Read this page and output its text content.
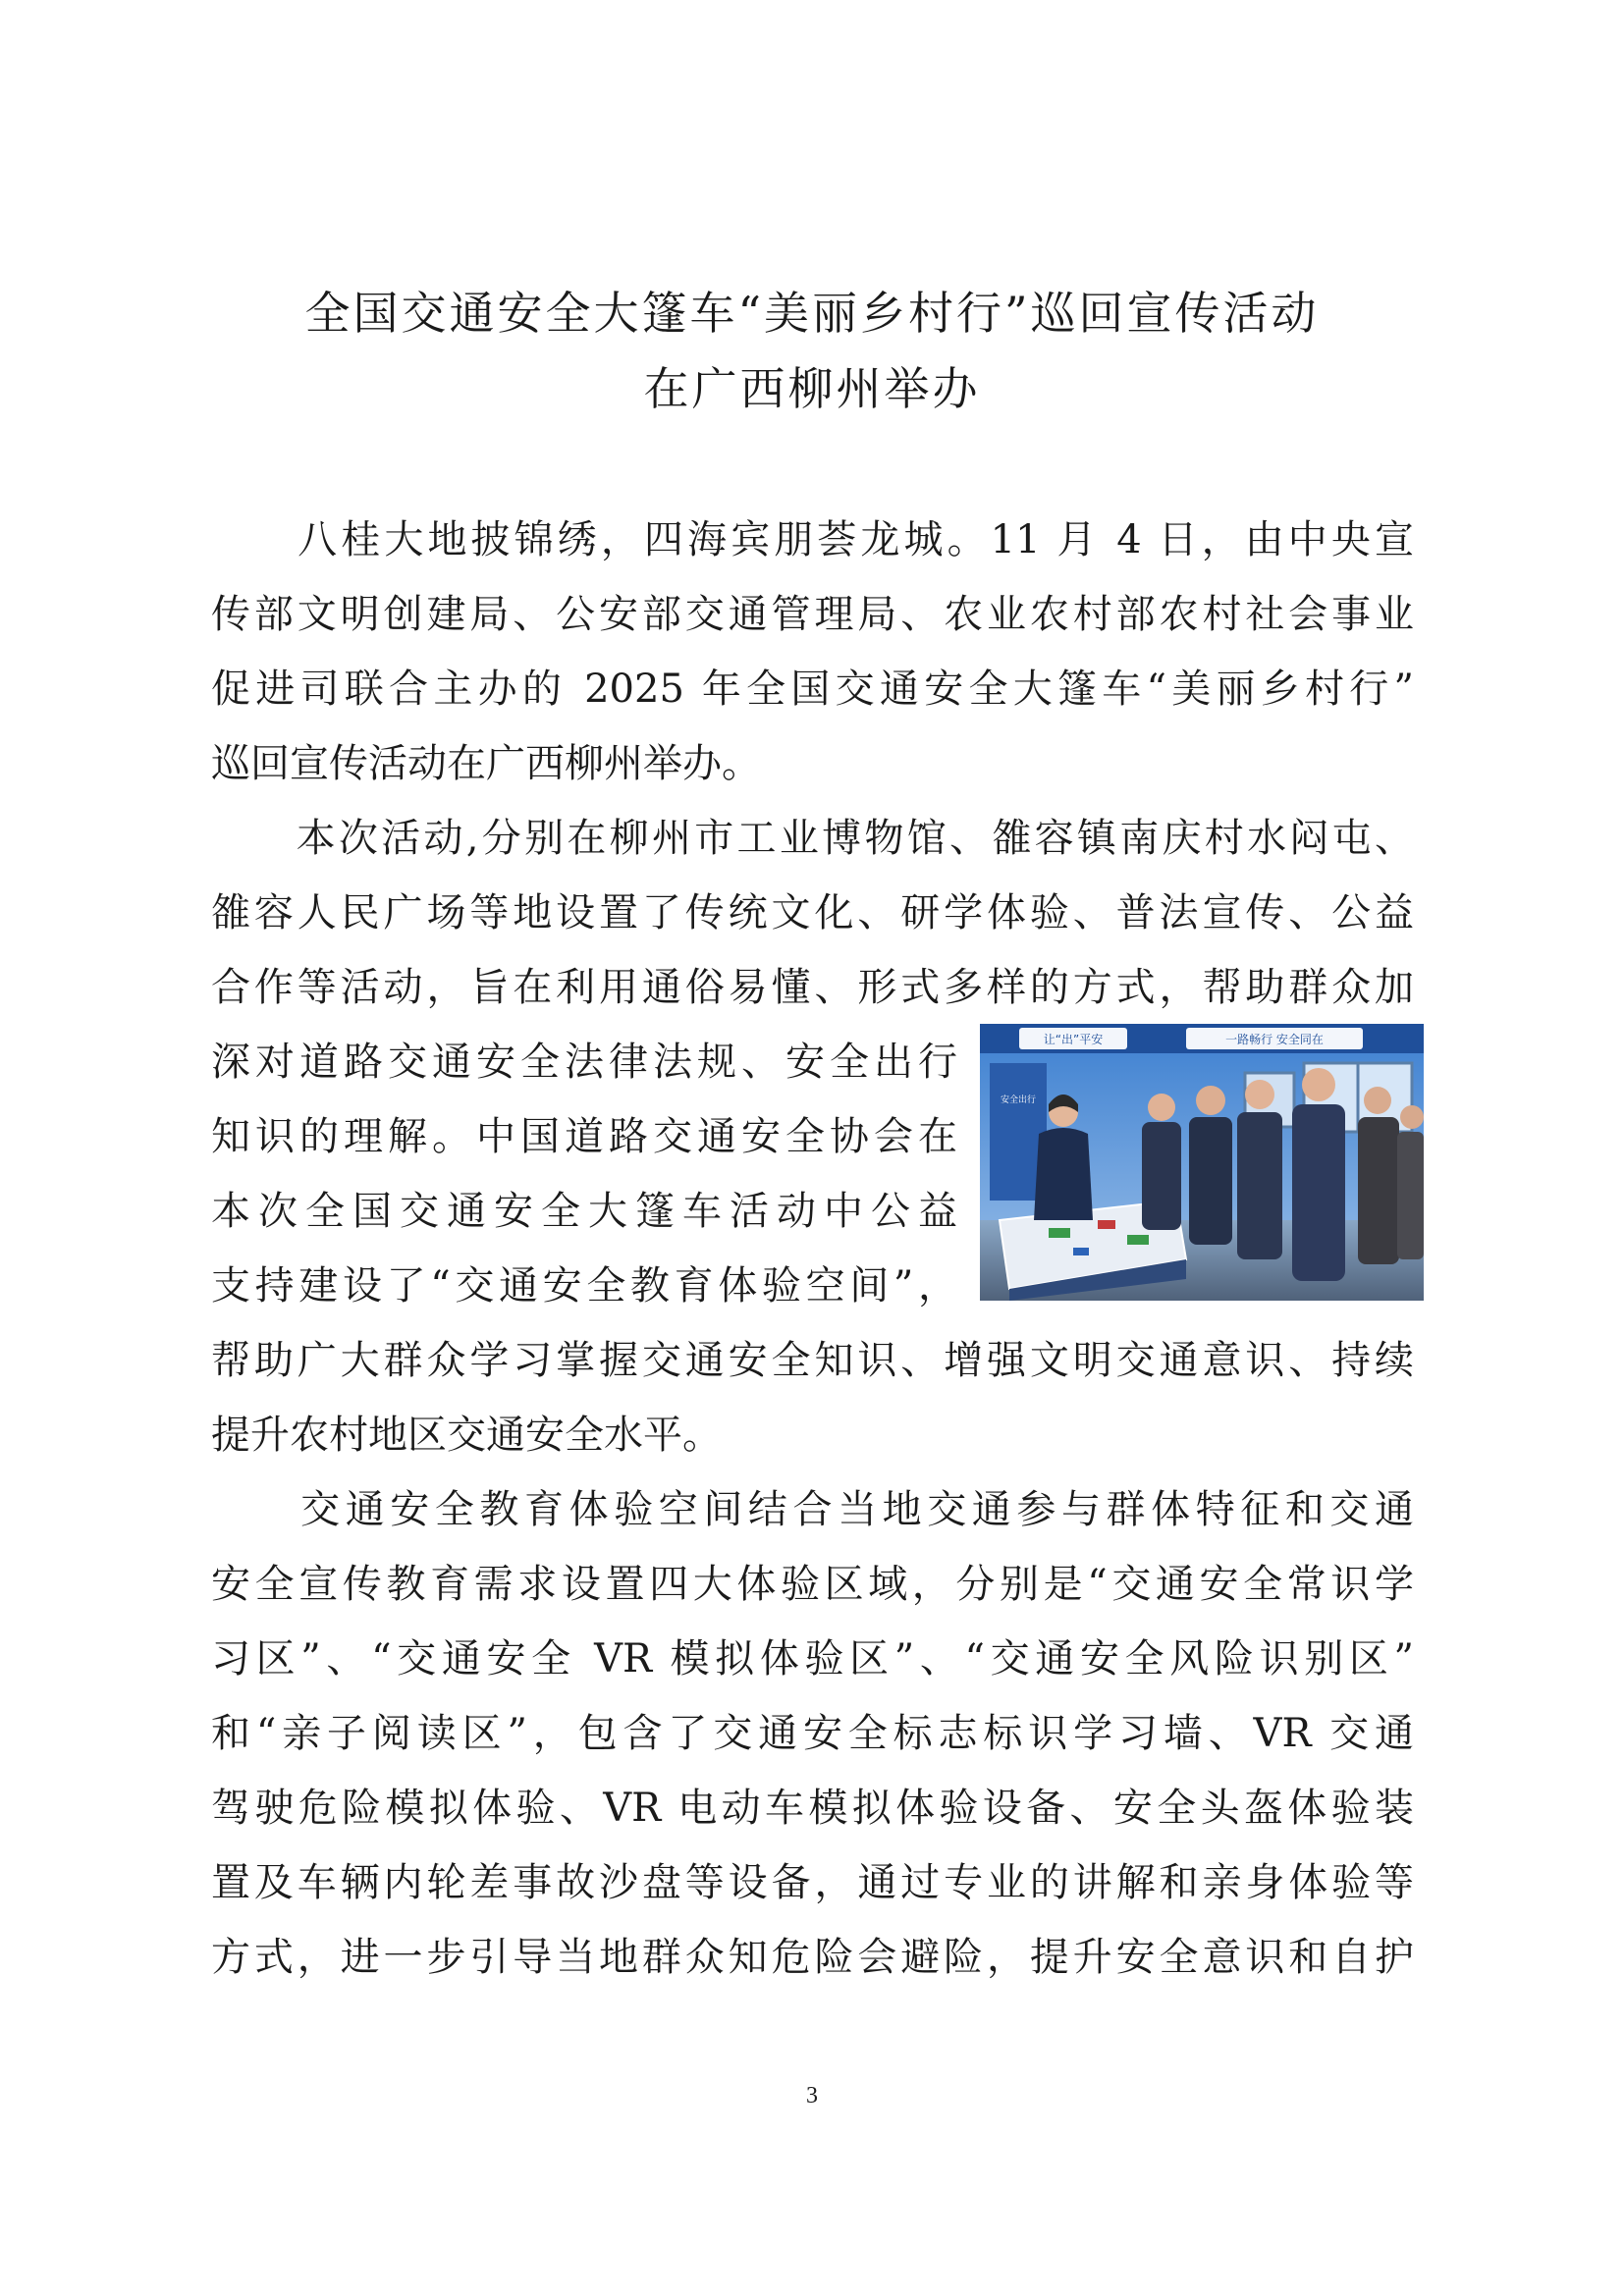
全国交通安全大篷车“美丽乡村行”巡回宣传活动
在广西柳州举办
　　八桂大地披锦绣，四海宾朋荟龙城。11 月 4 日，由中央宣
传部文明创建局、公安部交通管理局、农业农村部农村社会事业
促进司联合主办的 2025 年全国交通安全大篷车“美丽乡村行”
巡回宣传活动在广西柳州举办。
　　本次活动,分别在柳州市工业博物馆、雒容镇南庆村水闷屯、
雒容人民广场等地设置了传统文化、研学体验、普法宣传、公益
合作等活动，旨在利用通俗易懂、形式多样的方式，帮助群众加
深对道路交通安全法律法规、安全出行
知识的理解。中国道路交通安全协会在
本次全国交通安全大篷车活动中公益
支持建设了“交通安全教育体验空间”，
帮助广大群众学习掌握交通安全知识、增强文明交通意识、持续
提升农村地区交通安全水平。
　　交通安全教育体验空间结合当地交通参与群体特征和交通
安全宣传教育需求设置四大体验区域，分别是“交通安全常识学
习区”、“交通安全 VR 模拟体验区”、“交通安全风险识别区”
和“亲子阅读区”，包含了交通安全标志标识学习墙、VR 交通
驾驶危险模拟体验、VR 电动车模拟体验设备、安全头盔体验装
置及车辆内轮差事故沙盘等设备，通过专业的讲解和亲身体验等
方式，进一步引导当地群众知危险会避险，提升安全意识和自护
让“出”平安	一路畅行 安全同在
安全出行
3
